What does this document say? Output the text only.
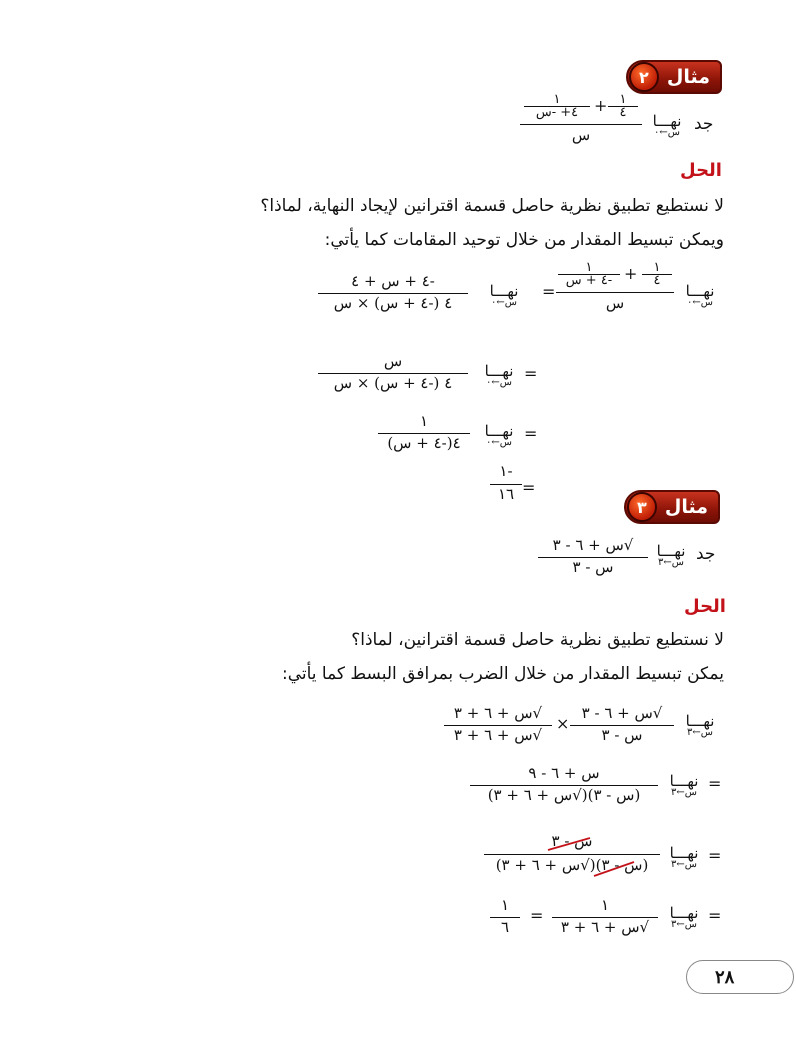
مثال
٢
جد
نهـــا
س←٠
١
٤
+
١
٤+ -س
س
الحل
لا نستطيع تطبيق نظرية حاصل قسمة اقترانين لإيجاد النهاية، لماذا؟
ويمكن تبسيط المقدار من خلال توحيد المقامات كما يأتي:
نهـــا
س←٠
١
٤
+
١
-٤ + س
س
=
نهـــا
س←٠
-٤ + س + ٤
٤ (-٤ + س) × س
=
نهـــا
س←٠
س
٤ (-٤ + س) × س
=
نهـــا
س←٠
١
٤(-٤ + س)
=
-١
١٦
مثال
٣
جد
نهـــا
س←٣
√س + ٦ - ٣
س - ٣
الحل
لا نستطيع تطبيق نظرية حاصل قسمة اقترانين، لماذا؟
يمكن تبسيط المقدار من خلال الضرب بمرافق البسط كما يأتي:
نهـــا
س←٣
√س + ٦ - ٣
س - ٣
×
√س + ٦ + ٣
√س + ٦ + ٣
=
نهـــا
س←٣
س + ٦ - ٩
(س - ٣)(√س + ٦ + ٣)
=
نهـــا
س←٣
س - ٣
(س - ٣)(√س + ٦ + ٣)
=
نهـــا
س←٣
١
√س + ٦ + ٣
=
١
٦
٢٨
